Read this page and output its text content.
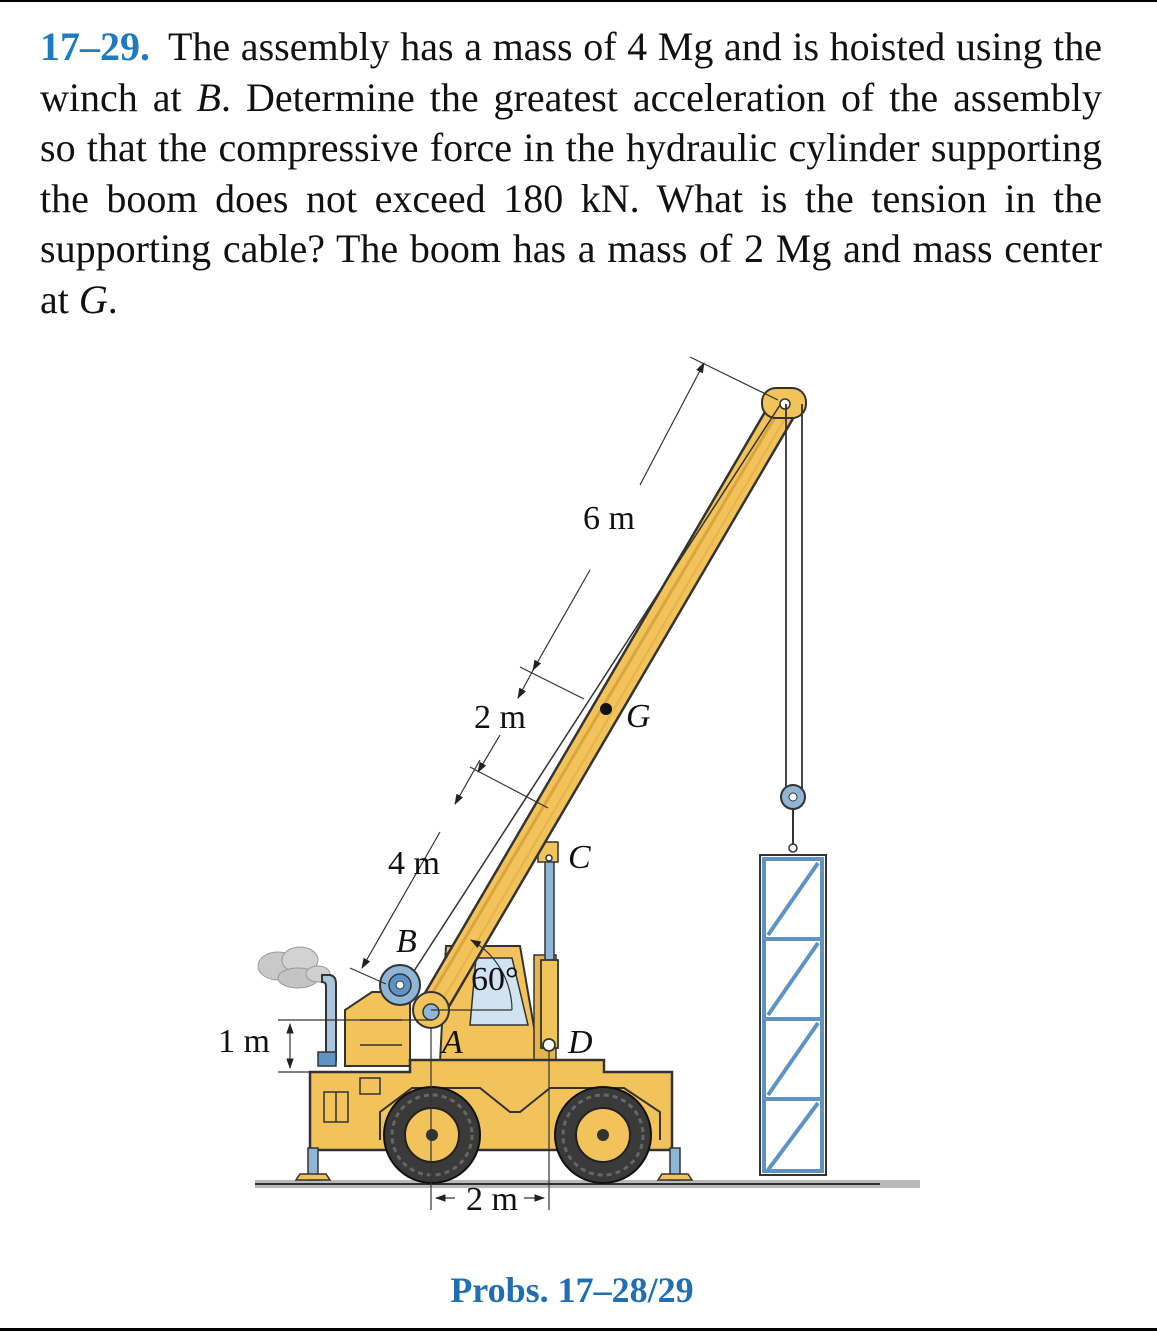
17–29. The assembly has a mass of 4 Mg and is hoisted using the winch at B. Determine the greatest acceleration of the assembly so that the compressive force in the hydraulic cylinder supporting the boom does not exceed 180 kN. What is the tension in the supporting cable? The boom has a mass of 2 Mg and mass center at G.
6 m
2 m
4 m
1 m
2 m
60°
A
B
C
D
G
Probs. 17–28/29
